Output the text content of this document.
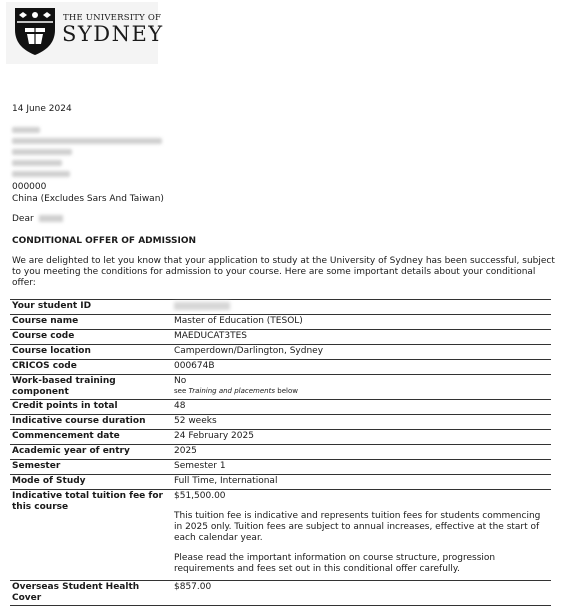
THE UNIVERSITY OF
SYDNEY
14 June 2024
000000
China (Excludes Sars And Taiwan)
Dear
CONDITIONAL OFFER OF ADMISSION
We are delighted to let you know that your application to study at the University of Sydney has been successful, subject to you meeting the conditions for admission to your course. Here are some important details about your conditional offer:
Your student ID	
Course name	Master of Education (TESOL)
Course code	MAEDUCAT3TES
Course location	Camperdown/Darlington, Sydney
CRICOS code	000674B
Work-based training component	No
see Training and placements below

Credit points in total	48
Indicative course duration	52 weeks
Commencement date	24 February 2025
Academic year of entry	2025
Semester	Semester 1
Mode of Study	Full Time, International
Indicative total tuition fee for this course	$51,500.00
This tuition fee is indicative and represents tuition fees for students commencing in 2025 only. Tuition fees are subject to annual increases, effective at the start of each calendar year.
Please read the important information on course structure, progression requirements and fees set out in this conditional offer carefully.

Overseas Student Health Cover	$857.00
